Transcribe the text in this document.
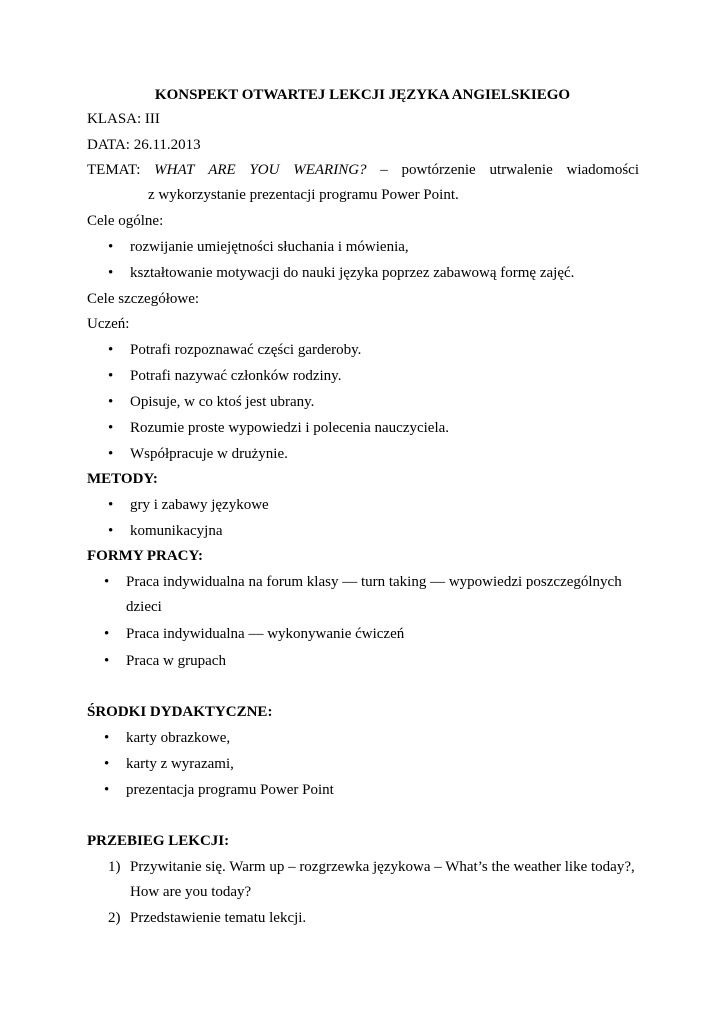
KONSPEKT OTWARTEJ LEKCJI JĘZYKA ANGIELSKIEGO
KLASA: III
DATA: 26.11.2013
TEMAT: WHAT ARE YOU WEARING? – powtórzenie utrwalenie wiadomości
z wykorzystanie prezentacji programu Power Point.
Cele ogólne:
• rozwijanie umiejętności słuchania i mówienia,
• kształtowanie motywacji do nauki języka poprzez zabawową formę zajęć.
Cele szczegółowe:
Uczeń:
• Potrafi rozpoznawać części garderoby.
• Potrafi nazywać członków rodziny.
• Opisuje, w co ktoś jest ubrany.
• Rozumie proste wypowiedzi i polecenia nauczyciela.
• Współpracuje w drużynie.
METODY:
• gry i zabawy językowe
• komunikacyjna
FORMY PRACY:
• Praca indywidualna na forum klasy — turn taking — wypowiedzi poszczególnych
dzieci
• Praca indywidualna — wykonywanie ćwiczeń
• Praca w grupach
ŚRODKI DYDAKTYCZNE:
• karty obrazkowe,
• karty z wyrazami,
• prezentacja programu Power Point
PRZEBIEG LEKCJI:
1) Przywitanie się. Warm up – rozgrzewka językowa – What’s the weather like today?,
How are you today?
2) Przedstawienie tematu lekcji.
